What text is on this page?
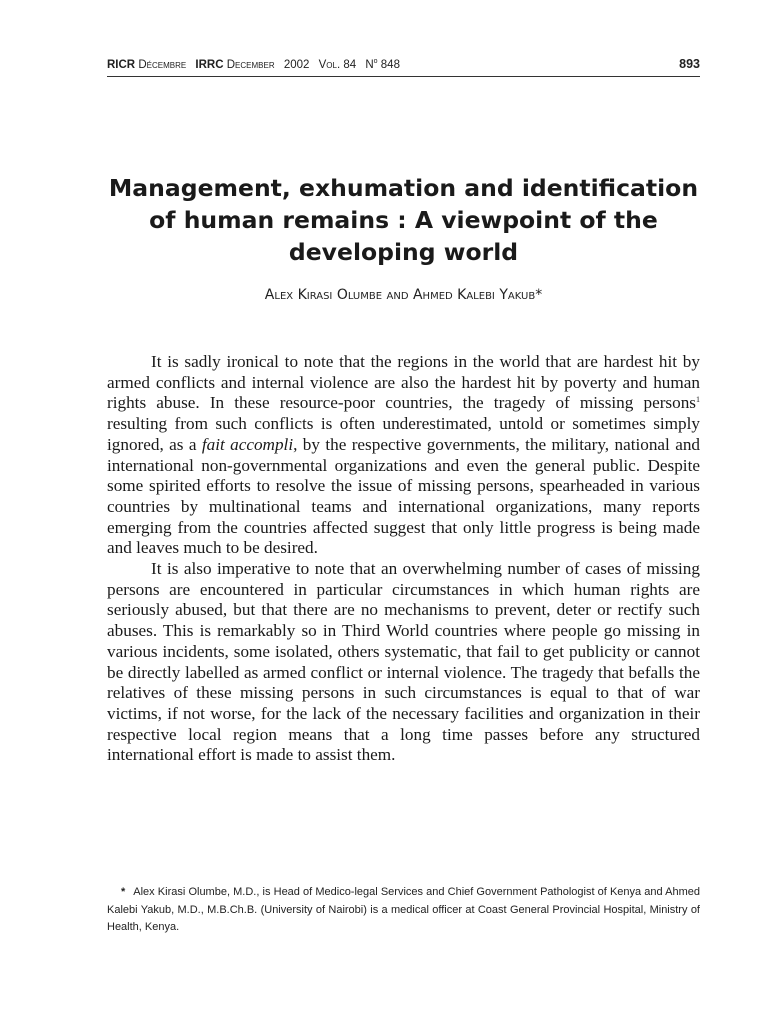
RICR Décembre IRRC December 2002 Vol. 84 $N^o$ 848	893
Management, exhumation and identification of human remains : A viewpoint of the developing world
Alex Kirasi Olumbe and Ahmed Kalebi Yakub*

It is sadly ironical to note that the regions in the world that are hardest hit by armed conflicts and internal violence are also the hardest hit by poverty and human rights abuse. In these resource-poor countries, the tragedy of missing persons$^1$ resulting from such conflicts is often underestimated, untold or sometimes simply ignored, as a fait accompli, by the respective governments, the military, national and international non-governmental organizations and even the general public. Despite some spirited efforts to resolve the issue of missing persons, spearheaded in various countries by multinational teams and international organizations, many reports emerging from the countries affected suggest that only little progress is being made and leaves much to be desired.

It is also imperative to note that an overwhelming number of cases of missing persons are encountered in particular circumstances in which human rights are seriously abused, but that there are no mechanisms to prevent, deter or rectify such abuses. This is remarkably so in Third World countries where people go missing in various incidents, some isolated, others systematic, that fail to get publicity or cannot be directly labelled as armed conflict or internal violence. The tragedy that befalls the relatives of these missing persons in such circumstances is equal to that of war victims, if not worse, for the lack of the necessary facilities and organization in their respective local region means that a long time passes before any structured international effort is made to assist them.

* Alex Kirasi Olumbe, M.D., is Head of Medico-legal Services and Chief Government Pathologist of Kenya and Ahmed Kalebi Yakub, M.D., M.B.Ch.B. (University of Nairobi) is a medical officer at Coast General Provincial Hospital, Ministry of Health, Kenya.
